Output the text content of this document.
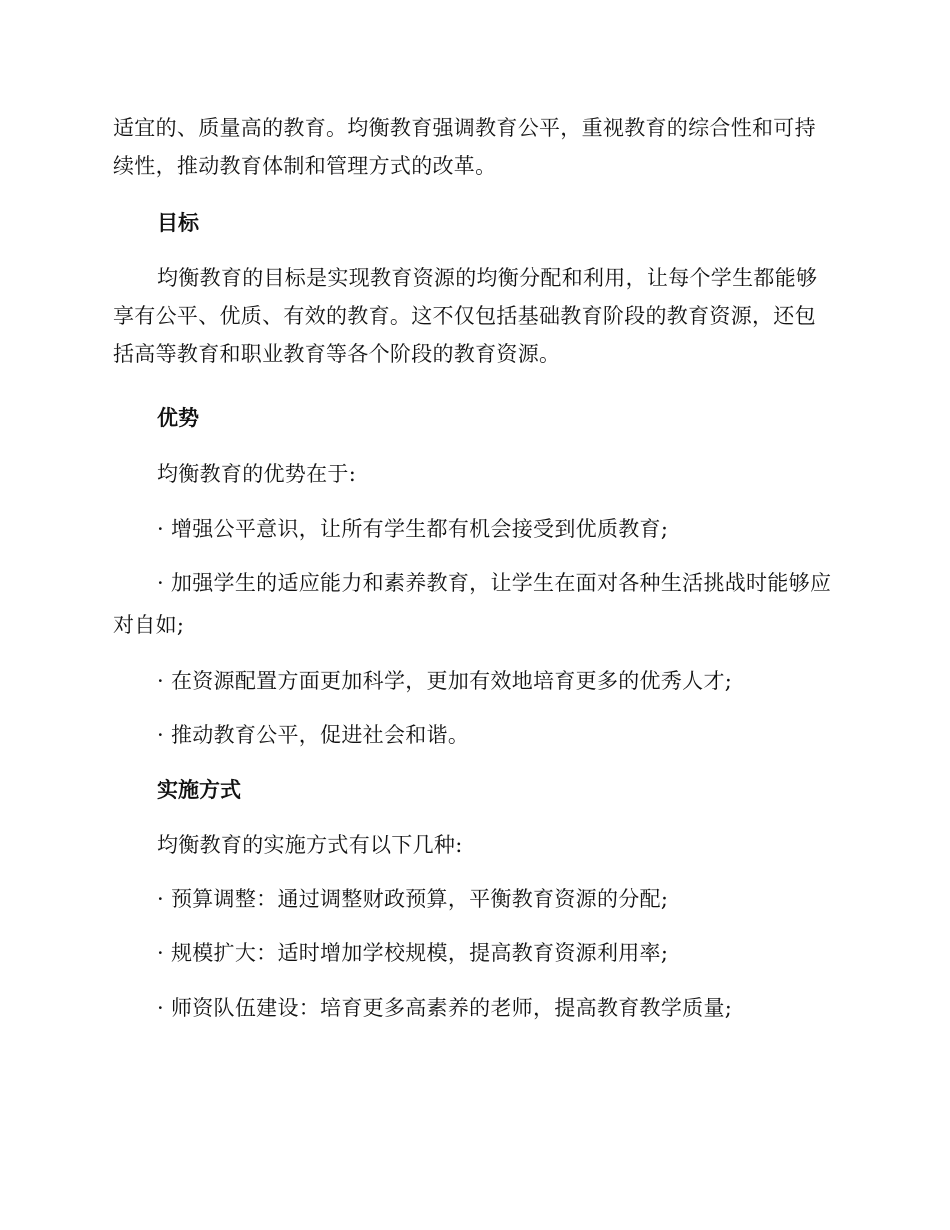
适宜的、质量高的教育。均衡教育强调教育公平，重视教育的综合性和可持续性，推动教育体制和管理方式的改革。

目标

均衡教育的目标是实现教育资源的均衡分配和利用，让每个学生都能够享有公平、优质、有效的教育。这不仅包括基础教育阶段的教育资源，还包括高等教育和职业教育等各个阶段的教育资源。

优势

均衡教育的优势在于:

· 增强公平意识，让所有学生都有机会接受到优质教育;

· 加强学生的适应能力和素养教育，让学生在面对各种生活挑战时能够应对自如;

· 在资源配置方面更加科学，更加有效地培育更多的优秀人才;

· 推动教育公平，促进社会和谐。

实施方式

均衡教育的实施方式有以下几种:

· 预算调整：通过调整财政预算，平衡教育资源的分配;

· 规模扩大：适时增加学校规模，提高教育资源利用率;

· 师资队伍建设：培育更多高素养的老师，提高教育教学质量;
